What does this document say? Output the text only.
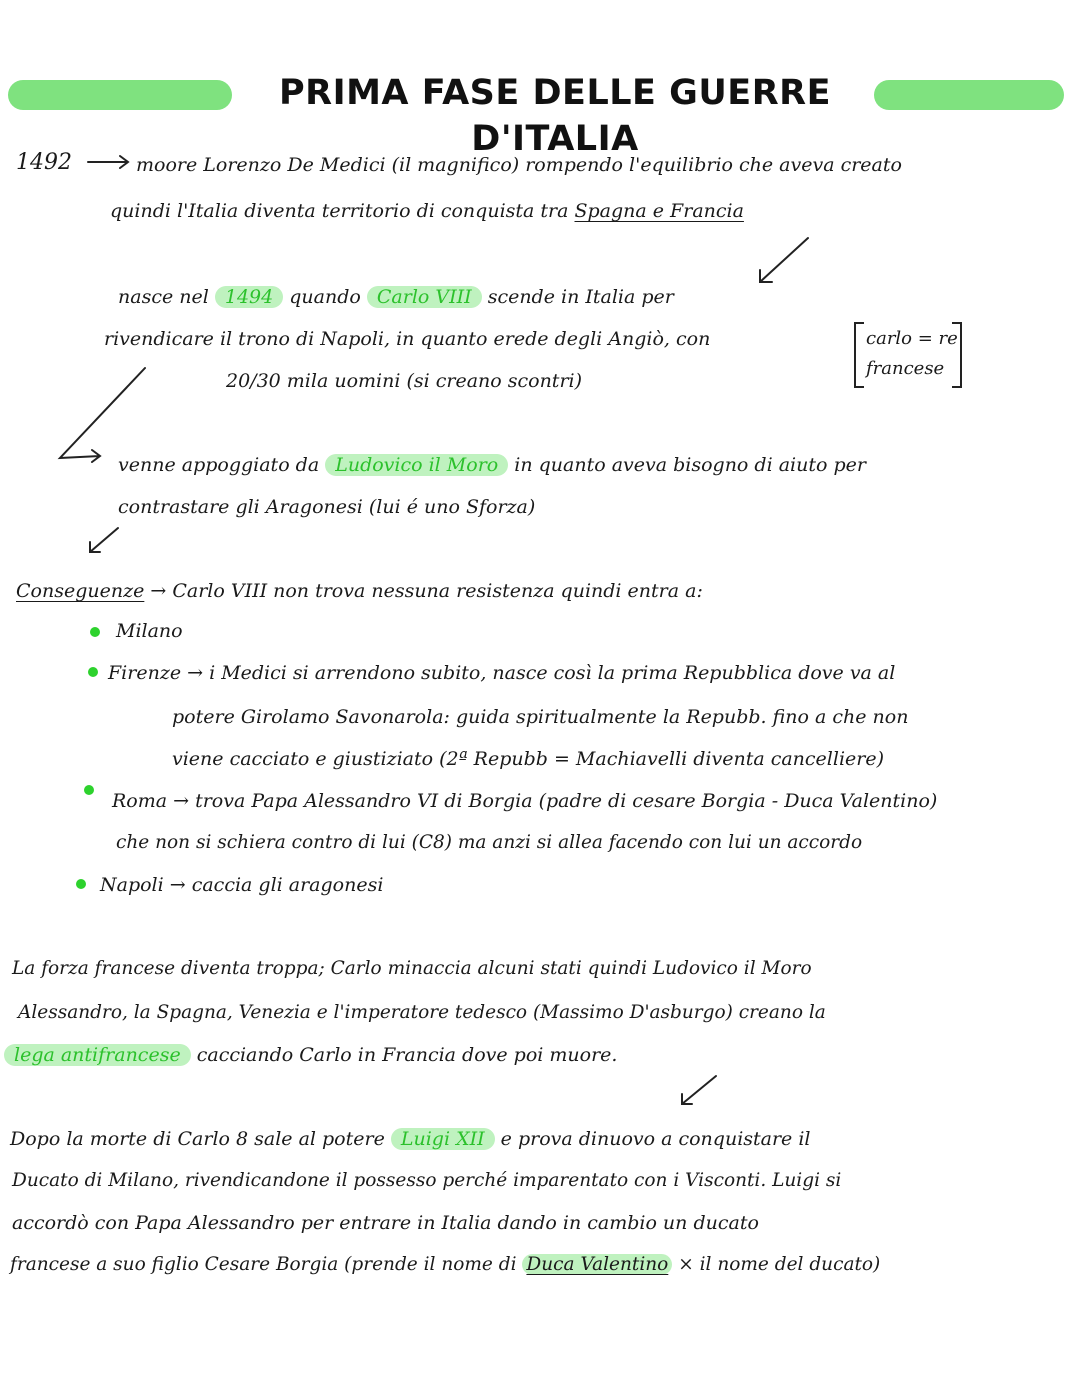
PRIMA FASE DELLE GUERRE D'ITALIA
1492	moore Lorenzo De Medici (il magnifico) rompendo l'equilibrio che aveva creato
quindi l'Italia diventa territorio di conquista tra Spagna e Francia
nasce nel 1494 quando Carlo VIII scende in Italia per
rivendicare il trono di Napoli, in quanto erede degli Angiò, con
20/30 mila uomini (si creano scontri)
carlo = re
francese
venne appoggiato da Ludovico il Moro in quanto aveva bisogno di aiuto per
contrastare gli Aragonesi (lui é uno Sforza)
Conseguenze → Carlo VIII non trova nessuna resistenza quindi entra a:
Milano
Firenze → i Medici si arrendono subito, nasce così la prima Repubblica dove va al
potere Girolamo Savonarola: guida spiritualmente la Repubb. fino a che non
viene cacciato e giustiziato (2ª Repubb = Machiavelli diventa cancelliere)
Roma → trova Papa Alessandro VI di Borgia (padre di cesare Borgia - Duca Valentino)
che non si schiera contro di lui (C8) ma anzi si allea facendo con lui un accordo
Napoli → caccia gli aragonesi
La forza francese diventa troppa; Carlo minaccia alcuni stati quindi Ludovico il Moro
Alessandro, la Spagna, Venezia e l'imperatore tedesco (Massimo D'asburgo) creano la
lega antifrancese cacciando Carlo in Francia dove poi muore.
Dopo la morte di Carlo 8 sale al potere Luigi XII e prova dinuovo a conquistare il
Ducato di Milano, rivendicandone il possesso perché imparentato con i Visconti. Luigi si
accordò con Papa Alessandro per entrare in Italia dando in cambio un ducato
francese a suo figlio Cesare Borgia (prende il nome di Duca Valentino × il nome del ducato)
